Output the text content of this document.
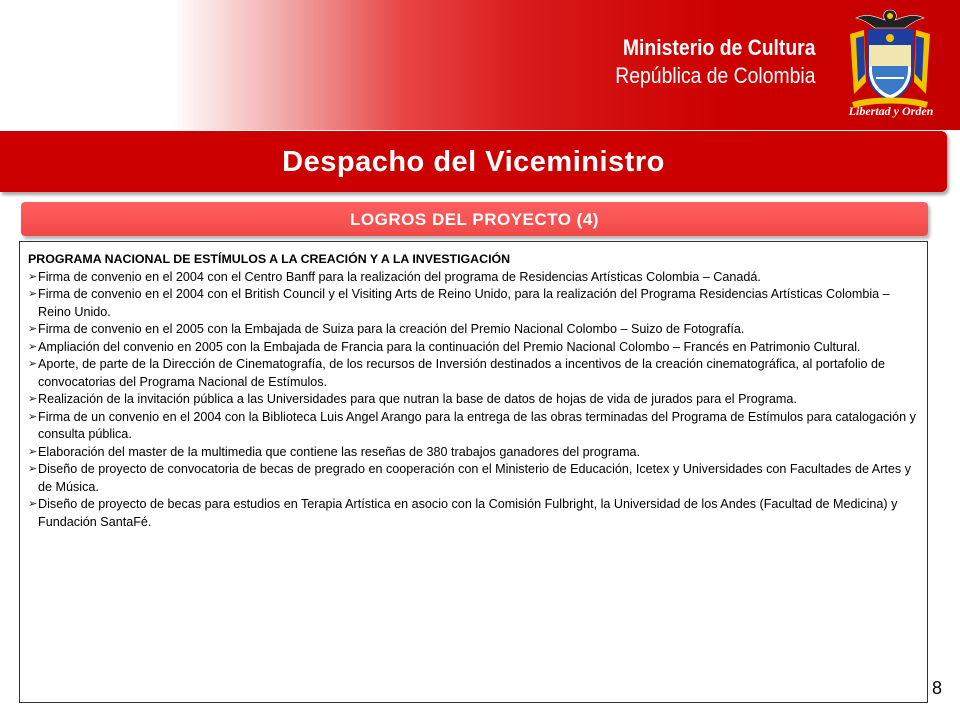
Ministerio de Cultura
República de Colombia
Libertad y Orden
Despacho del Viceministro
LOGROS DEL PROYECTO (4)
PROGRAMA NACIONAL DE ESTÍMULOS A LA CREACIÓN Y A LA INVESTIGACIÓN
➢ Firma de convenio en el 2004 con el Centro Banff para la realización del programa de Residencias Artísticas Colombia – Canadá.
➢ Firma de convenio en el 2004 con el British Council y el Visiting Arts de Reino Unido, para la realización del Programa Residencias Artísticas Colombia – Reino Unido.
➢ Firma de convenio en el 2005 con la Embajada de Suiza para la creación del Premio Nacional Colombo – Suizo de Fotografía.
➢ Ampliación del convenio en 2005 con la Embajada de Francia para la continuación del Premio Nacional Colombo – Francés en Patrimonio Cultural.
➢ Aporte, de parte de la Dirección de Cinematografía, de los recursos de Inversión destinados a incentivos de la creación cinematográfica, al portafolio de convocatorias del Programa Nacional de Estímulos.
➢ Realización de la invitación pública a las Universidades para que nutran la base de datos de hojas de vida de jurados para el Programa.
➢ Firma de un convenio en el 2004 con la Biblioteca Luis Angel Arango para la entrega de las obras terminadas del Programa de Estímulos para catalogación y consulta pública.
➢ Elaboración del master de la multimedia que contiene las reseñas de 380 trabajos ganadores del programa.
➢ Diseño de proyecto de convocatoria de becas de pregrado en cooperación con el Ministerio de Educación, Icetex y Universidades con Facultades de Artes y de Música.
➢ Diseño de proyecto de becas para estudios en Terapia Artística en asocio con la Comisión Fulbright, la Universidad de los Andes (Facultad de Medicina) y Fundación SantaFé.
8
